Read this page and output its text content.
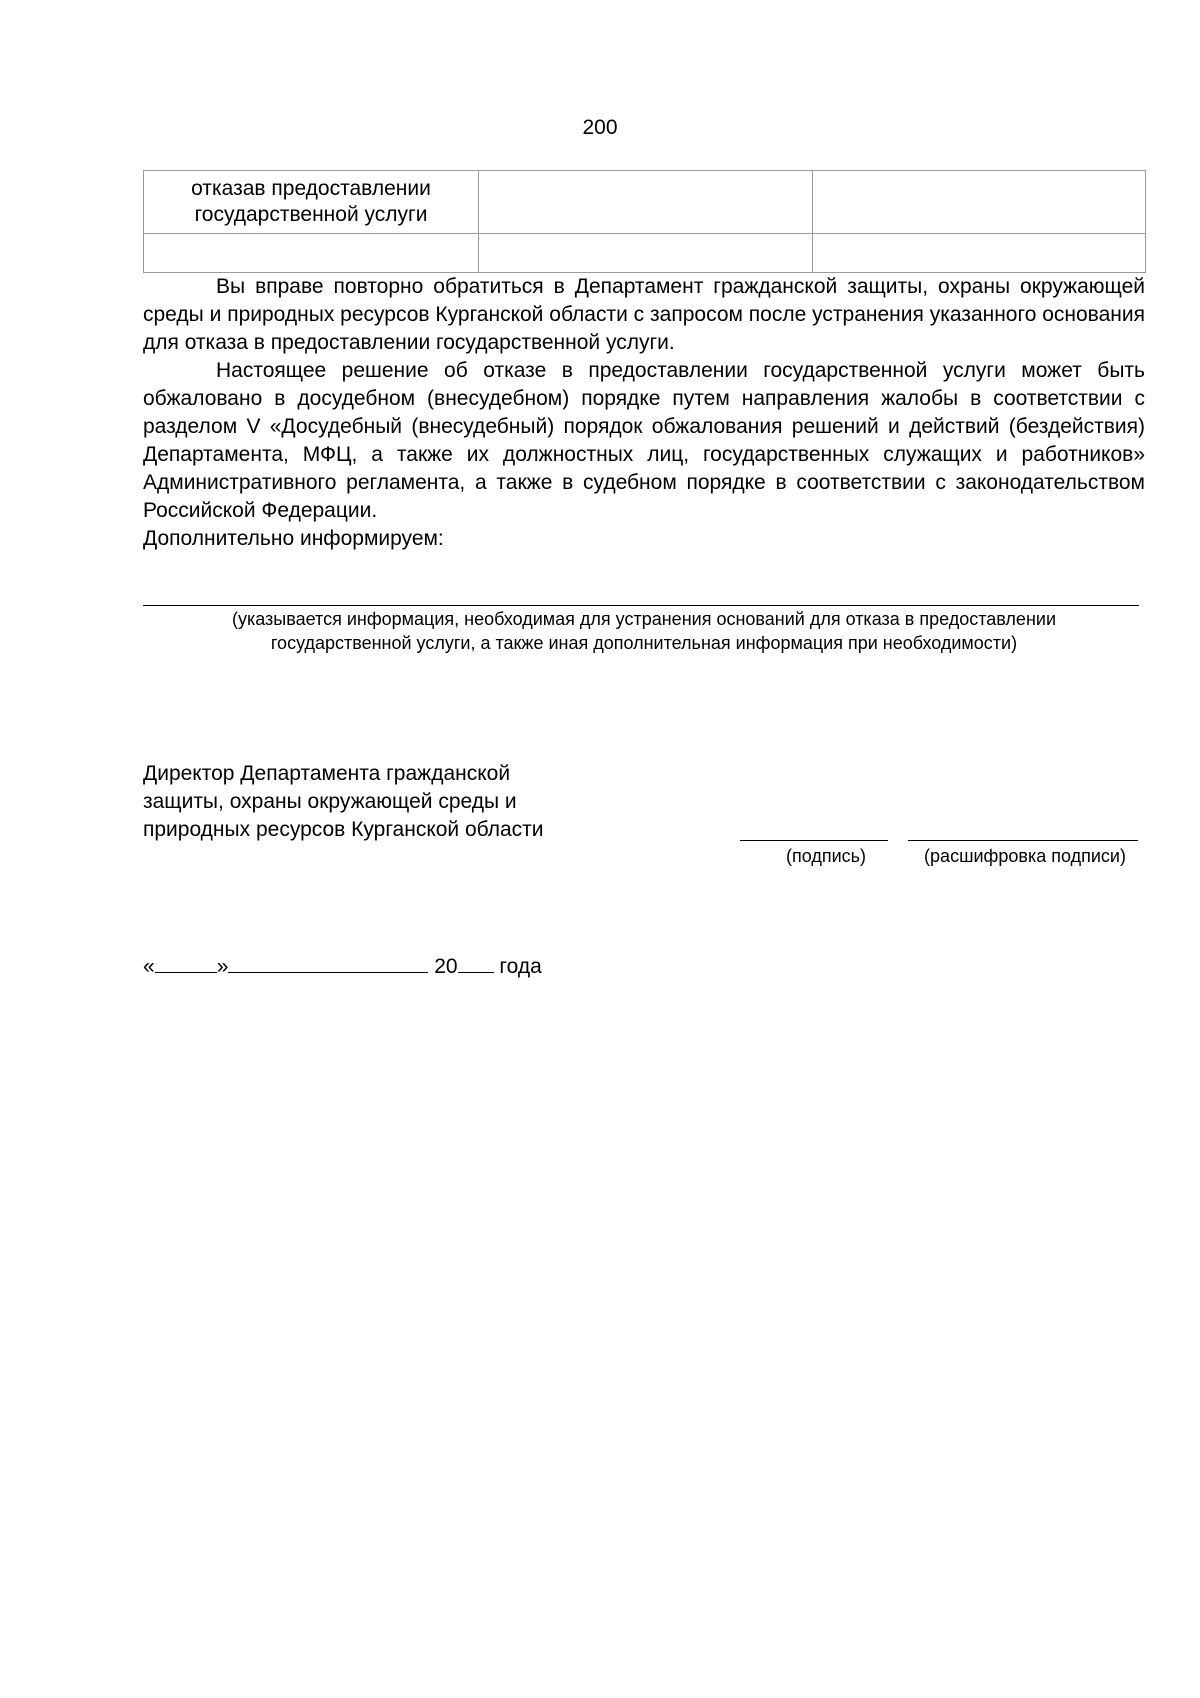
200
отказав предоставлении государственной услуги		

Вы вправе повторно обратиться в Департамент гражданской защиты, охраны окружающей среды и природных ресурсов Курганской области с запросом после устранения указанного основания для отказа в предоставлении государственной услуги.

Настоящее решение об отказе в предоставлении государственной услуги может быть обжаловано в досудебном (внесудебном) порядке путем направления жалобы в соответствии с разделом V «Досудебный (внесудебный) порядок обжалования решений и действий (бездействия) Департамента, МФЦ, а также их должностных лиц, государственных служащих и работников» Административного регламента, а также в судебном порядке в соответствии с законодательством Российской Федерации.

Дополнительно информируем:

(указывается информация, необходимая для устранения оснований для отказа в предоставлении
государственной услуги, а также иная дополнительная информация при необходимости)
Директор Департамента гражданской
защиты, охраны окружающей среды и
природных ресурсов Курганской области
(подпись)	(расшифровка подписи)
«	»	20 года
